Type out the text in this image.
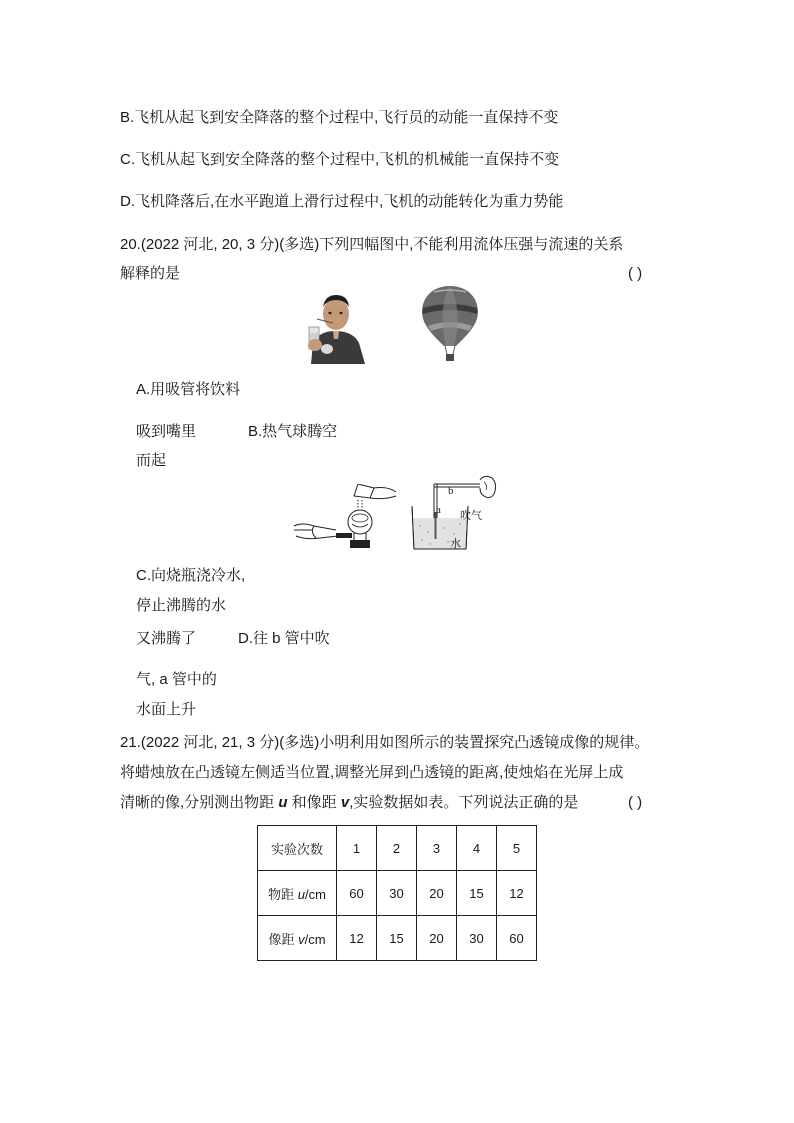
B.飞机从起飞到安全降落的整个过程中,飞行员的动能一直保持不变
C.飞机从起飞到安全降落的整个过程中,飞机的机械能一直保持不变
D.飞机降落后,在水平跑道上滑行过程中,飞机的动能转化为重力势能
20.(2022 河北, 20, 3 分)(多选)下列四幅图中,不能利用流体压强与流速的关系
解释的是	( )
A.用吸管将饮料
吸到嘴里	B.热气球腾空
而起
b
a 吹气
水
C.向烧瓶浇冷水,
停止沸腾的水
又沸腾了	D.往 b 管中吹
气, a 管中的
水面上升
21.(2022 河北, 21, 3 分)(多选)小明利用如图所示的装置探究凸透镜成像的规律。
将蜡烛放在凸透镜左侧适当位置,调整光屏到凸透镜的距离,使烛焰在光屏上成
清晰的像,分别测出物距 u 和像距 v,实验数据如表。下列说法正确的是	( )
实验次数	1	2	3	4	5
物距 u/cm	60	30	20	15	12
像距 v/cm	12	15	20	30	60
